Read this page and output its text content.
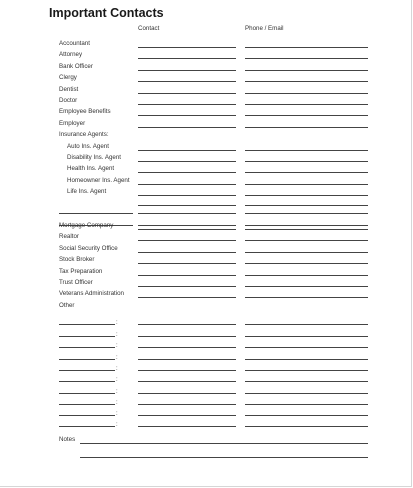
Important Contacts
Contact	Phone / Email
Accountant
Attorney
Bank Officer
Clergy
Dentist
Doctor
Employee Benefits
Employer
Insurance Agents:
Auto Ins. Agent
Disability Ins. Agent
Health Ins. Agent
Homeowner Ins. Agent
Life Ins. Agent
Mortgage Company
Realtor
Social Security Office
Stock Broker
Tax Preparation
Trust Officer
Veterans Administration
Other
:
:
:
:
:
:
:
:
:
:
Notes
